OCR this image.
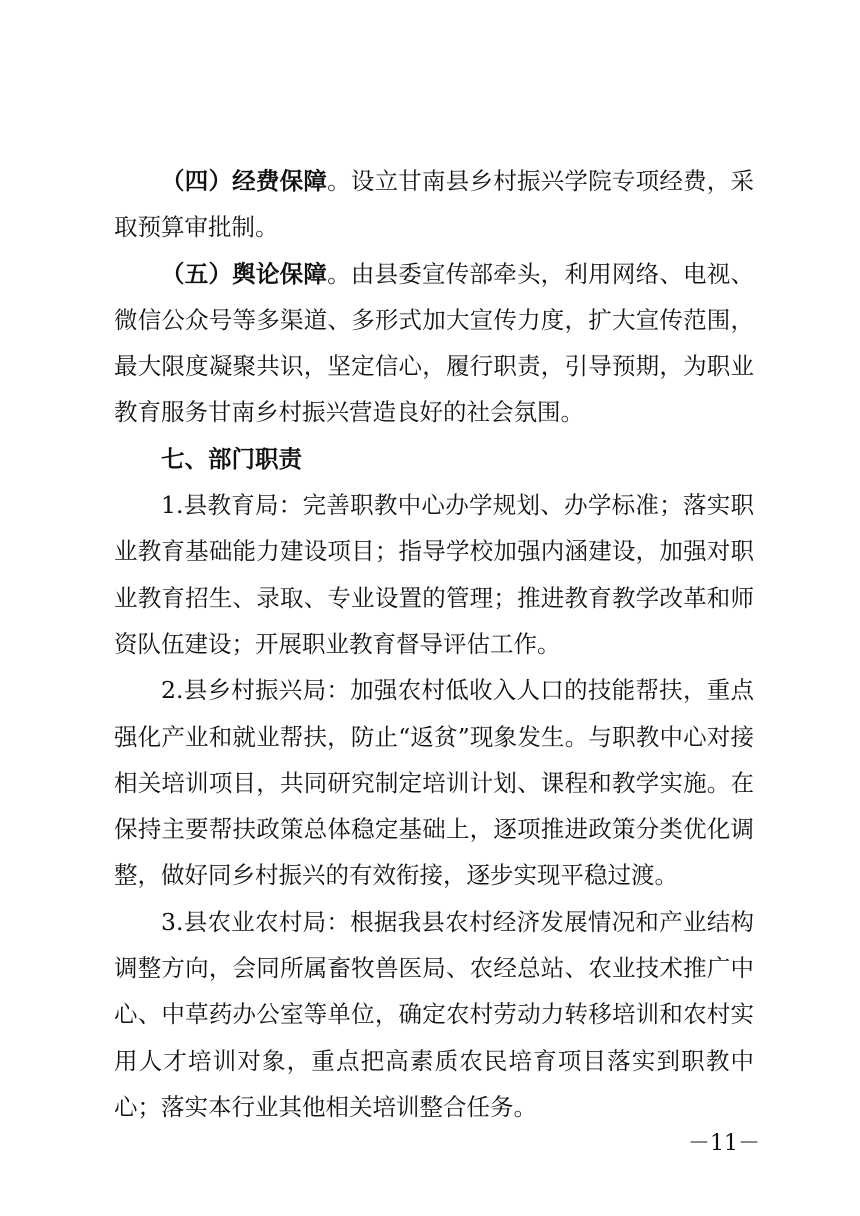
（四）经费保障。设立甘南县乡村振兴学院专项经费，采取预算审批制。

（五）舆论保障。由县委宣传部牵头，利用网络、电视、微信公众号等多渠道、多形式加大宣传力度，扩大宣传范围，最大限度凝聚共识，坚定信心，履行职责，引导预期，为职业教育服务甘南乡村振兴营造良好的社会氛围。

七、部门职责

1.县教育局：完善职教中心办学规划、办学标准；落实职业教育基础能力建设项目；指导学校加强内涵建设，加强对职业教育招生、录取、专业设置的管理；推进教育教学改革和师资队伍建设；开展职业教育督导评估工作。

2.县乡村振兴局：加强农村低收入人口的技能帮扶，重点强化产业和就业帮扶，防止“返贫”现象发生。与职教中心对接相关培训项目，共同研究制定培训计划、课程和教学实施。在保持主要帮扶政策总体稳定基础上，逐项推进政策分类优化调整，做好同乡村振兴的有效衔接，逐步实现平稳过渡。

3.县农业农村局：根据我县农村经济发展情况和产业结构调整方向，会同所属畜牧兽医局、农经总站、农业技术推广中心、中草药办公室等单位，确定农村劳动力转移培训和农村实用人才培训对象，重点把高素质农民培育项目落实到职教中心；落实本行业其他相关培训整合任务。

－11－
